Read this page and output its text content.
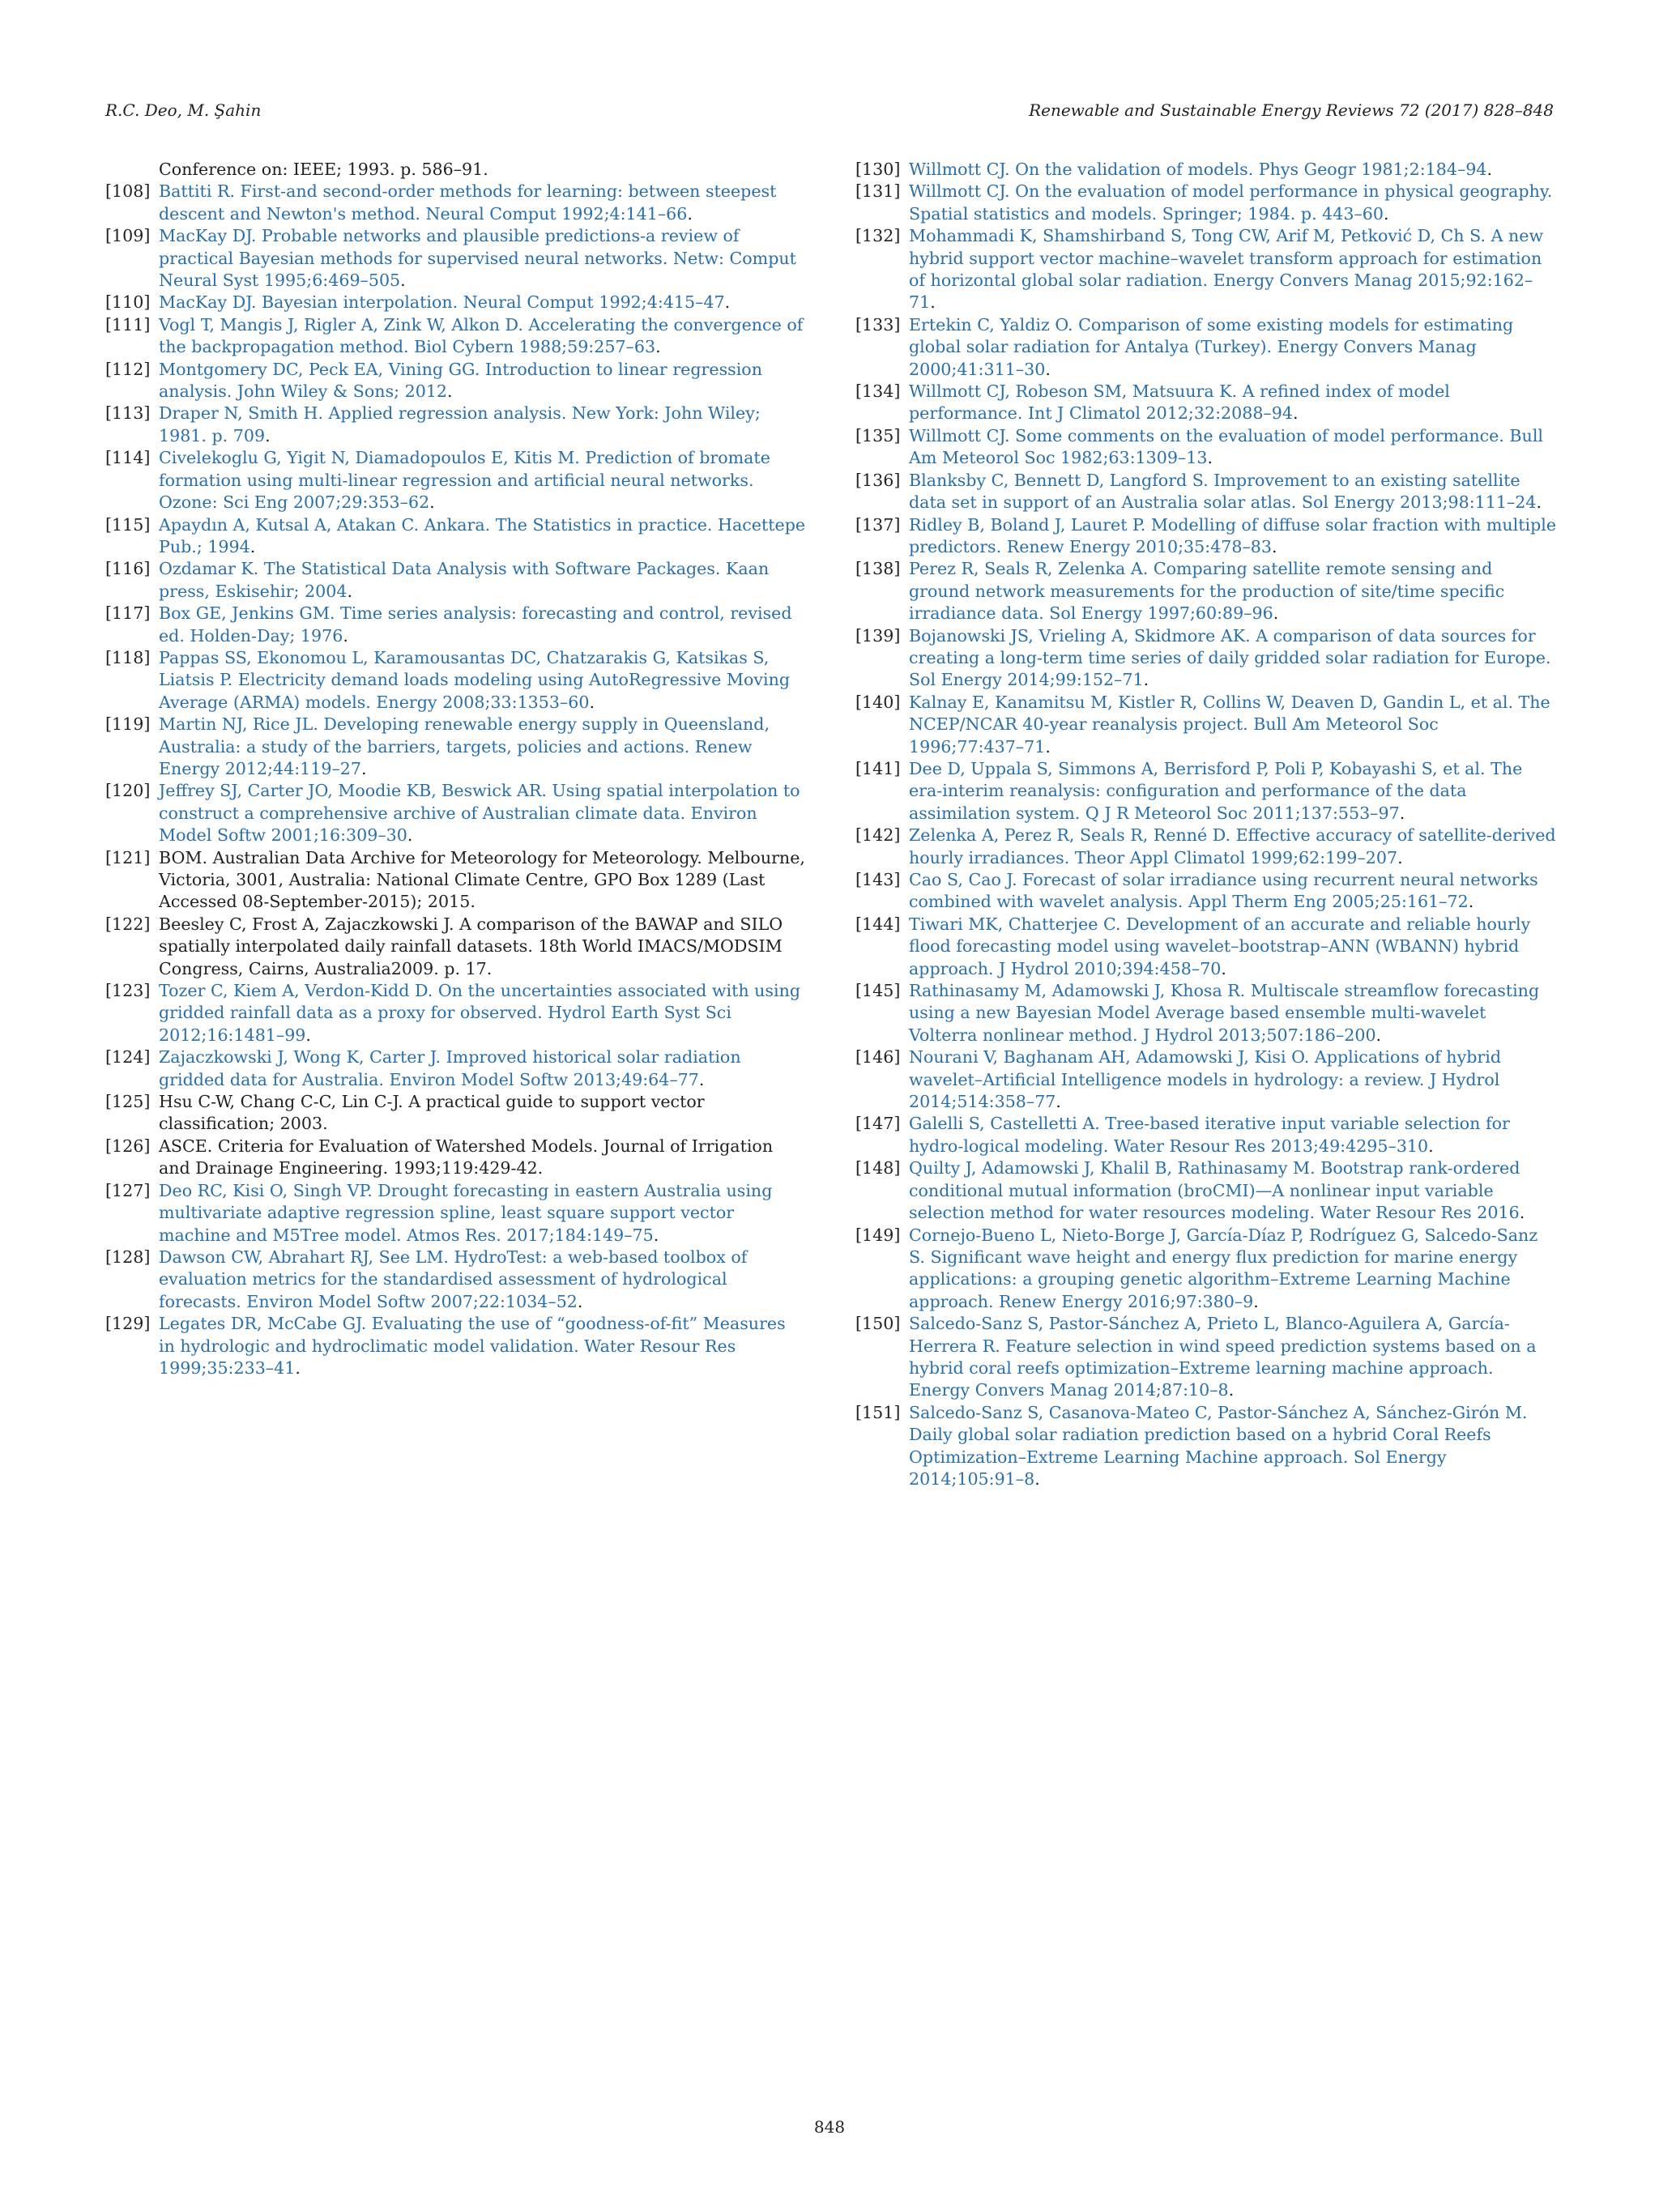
R.C. Deo, M. Şahin	Renewable and Sustainable Energy Reviews 72 (2017) 828–848
Conference on: IEEE; 1993. p. 586–91.
[108] Battiti R. First-and second-order methods for learning: between steepest descent and Newton's method. Neural Comput 1992;4:141–66.
[109] MacKay DJ. Probable networks and plausible predictions-a review of practical Bayesian methods for supervised neural networks. Netw: Comput Neural Syst 1995;6:469–505.
[110] MacKay DJ. Bayesian interpolation. Neural Comput 1992;4:415–47.
[111] Vogl T, Mangis J, Rigler A, Zink W, Alkon D. Accelerating the convergence of the backpropagation method. Biol Cybern 1988;59:257–63.
[112] Montgomery DC, Peck EA, Vining GG. Introduction to linear regression analysis. John Wiley & Sons; 2012.
[113] Draper N, Smith H. Applied regression analysis. New York: John Wiley; 1981. p. 709.
[114] Civelekoglu G, Yigit N, Diamadopoulos E, Kitis M. Prediction of bromate formation using multi-linear regression and artificial neural networks. Ozone: Sci Eng 2007;29:353–62.
[115] Apaydın A, Kutsal A, Atakan C. Ankara. The Statistics in practice. Hacettepe Pub.; 1994.
[116] Ozdamar K. The Statistical Data Analysis with Software Packages. Kaan press, Eskisehir; 2004.
[117] Box GE, Jenkins GM. Time series analysis: forecasting and control, revised ed. Holden-Day; 1976.
[118] Pappas SS, Ekonomou L, Karamousantas DC, Chatzarakis G, Katsikas S, Liatsis P. Electricity demand loads modeling using AutoRegressive Moving Average (ARMA) models. Energy 2008;33:1353–60.
[119] Martin NJ, Rice JL. Developing renewable energy supply in Queensland, Australia: a study of the barriers, targets, policies and actions. Renew Energy 2012;44:119–27.
[120] Jeffrey SJ, Carter JO, Moodie KB, Beswick AR. Using spatial interpolation to construct a comprehensive archive of Australian climate data. Environ Model Softw 2001;16:309–30.
[121] BOM. Australian Data Archive for Meteorology for Meteorology. Melbourne, Victoria, 3001, Australia: National Climate Centre, GPO Box 1289 (Last Accessed 08-September-2015); 2015.
[122] Beesley C, Frost A, Zajaczkowski J. A comparison of the BAWAP and SILO spatially interpolated daily rainfall datasets. 18th World IMACS/MODSIM Congress, Cairns, Australia2009. p. 17.
[123] Tozer C, Kiem A, Verdon-Kidd D. On the uncertainties associated with using gridded rainfall data as a proxy for observed. Hydrol Earth Syst Sci 2012;16:1481–99.
[124] Zajaczkowski J, Wong K, Carter J. Improved historical solar radiation gridded data for Australia. Environ Model Softw 2013;49:64–77.
[125] Hsu C-W, Chang C-C, Lin C-J. A practical guide to support vector classification; 2003.
[126] ASCE. Criteria for Evaluation of Watershed Models. Journal of Irrigation and Drainage Engineering. 1993;119:429-42.
[127] Deo RC, Kisi O, Singh VP. Drought forecasting in eastern Australia using multivariate adaptive regression spline, least square support vector machine and M5Tree model. Atmos Res. 2017;184:149–75.
[128] Dawson CW, Abrahart RJ, See LM. HydroTest: a web-based toolbox of evaluation metrics for the standardised assessment of hydrological forecasts. Environ Model Softw 2007;22:1034–52.
[129] Legates DR, McCabe GJ. Evaluating the use of “goodness-of-fit” Measures in hydrologic and hydroclimatic model validation. Water Resour Res 1999;35:233–41.
[130] Willmott CJ. On the validation of models. Phys Geogr 1981;2:184–94.
[131] Willmott CJ. On the evaluation of model performance in physical geography. Spatial statistics and models. Springer; 1984. p. 443–60.
[132] Mohammadi K, Shamshirband S, Tong CW, Arif M, Petković D, Ch S. A new hybrid support vector machine–wavelet transform approach for estimation of horizontal global solar radiation. Energy Convers Manag 2015;92:162–71.
[133] Ertekin C, Yaldiz O. Comparison of some existing models for estimating global solar radiation for Antalya (Turkey). Energy Convers Manag 2000;41:311–30.
[134] Willmott CJ, Robeson SM, Matsuura K. A refined index of model performance. Int J Climatol 2012;32:2088–94.
[135] Willmott CJ. Some comments on the evaluation of model performance. Bull Am Meteorol Soc 1982;63:1309–13.
[136] Blanksby C, Bennett D, Langford S. Improvement to an existing satellite data set in support of an Australia solar atlas. Sol Energy 2013;98:111–24.
[137] Ridley B, Boland J, Lauret P. Modelling of diffuse solar fraction with multiple predictors. Renew Energy 2010;35:478–83.
[138] Perez R, Seals R, Zelenka A. Comparing satellite remote sensing and ground network measurements for the production of site/time specific irradiance data. Sol Energy 1997;60:89–96.
[139] Bojanowski JS, Vrieling A, Skidmore AK. A comparison of data sources for creating a long-term time series of daily gridded solar radiation for Europe. Sol Energy 2014;99:152–71.
[140] Kalnay E, Kanamitsu M, Kistler R, Collins W, Deaven D, Gandin L, et al. The NCEP/NCAR 40-year reanalysis project. Bull Am Meteorol Soc 1996;77:437–71.
[141] Dee D, Uppala S, Simmons A, Berrisford P, Poli P, Kobayashi S, et al. The era-interim reanalysis: configuration and performance of the data assimilation system. Q J R Meteorol Soc 2011;137:553–97.
[142] Zelenka A, Perez R, Seals R, Renné D. Effective accuracy of satellite-derived hourly irradiances. Theor Appl Climatol 1999;62:199–207.
[143] Cao S, Cao J. Forecast of solar irradiance using recurrent neural networks combined with wavelet analysis. Appl Therm Eng 2005;25:161–72.
[144] Tiwari MK, Chatterjee C. Development of an accurate and reliable hourly flood forecasting model using wavelet–bootstrap–ANN (WBANN) hybrid approach. J Hydrol 2010;394:458–70.
[145] Rathinasamy M, Adamowski J, Khosa R. Multiscale streamflow forecasting using a new Bayesian Model Average based ensemble multi-wavelet Volterra nonlinear method. J Hydrol 2013;507:186–200.
[146] Nourani V, Baghanam AH, Adamowski J, Kisi O. Applications of hybrid wavelet–Artificial Intelligence models in hydrology: a review. J Hydrol 2014;514:358–77.
[147] Galelli S, Castelletti A. Tree-based iterative input variable selection for hydro-logical modeling. Water Resour Res 2013;49:4295–310.
[148] Quilty J, Adamowski J, Khalil B, Rathinasamy M. Bootstrap rank-ordered conditional mutual information (broCMI)—A nonlinear input variable selection method for water resources modeling. Water Resour Res 2016.
[149] Cornejo-Bueno L, Nieto-Borge J, García-Díaz P, Rodríguez G, Salcedo-Sanz S. Significant wave height and energy flux prediction for marine energy applications: a grouping genetic algorithm–Extreme Learning Machine approach. Renew Energy 2016;97:380–9.
[150] Salcedo-Sanz S, Pastor-Sánchez A, Prieto L, Blanco-Aguilera A, García-Herrera R. Feature selection in wind speed prediction systems based on a hybrid coral reefs optimization–Extreme learning machine approach. Energy Convers Manag 2014;87:10–8.
[151] Salcedo-Sanz S, Casanova-Mateo C, Pastor-Sánchez A, Sánchez-Girón M. Daily global solar radiation prediction based on a hybrid Coral Reefs Optimization–Extreme Learning Machine approach. Sol Energy 2014;105:91–8.
848
